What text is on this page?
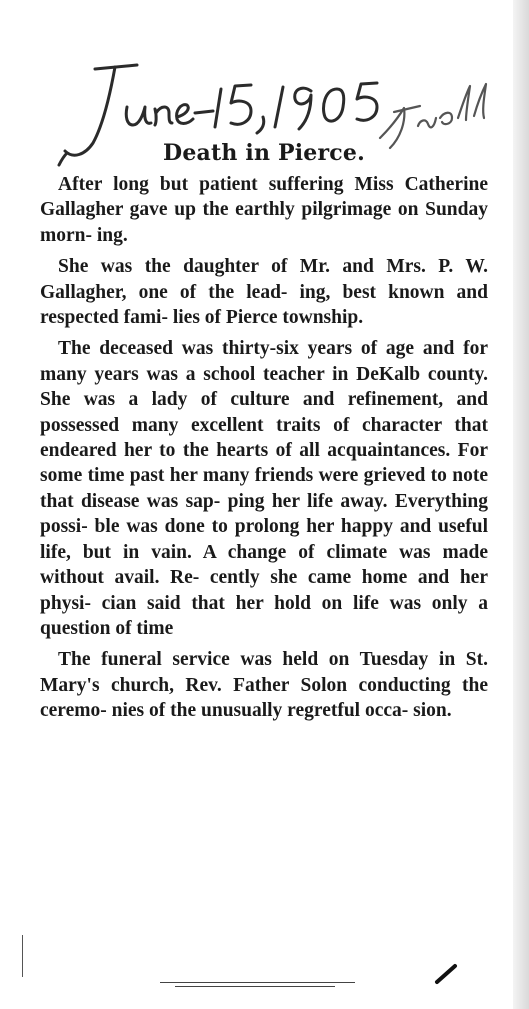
Death in Pierce.

After long but patient suffering Miss Catherine Gallagher gave up the earthly pilgrimage on Sunday morn- ing.

She was the daughter of Mr. and Mrs. P. W. Gallagher, one of the lead- ing, best known and respected fami- lies of Pierce township.

The deceased was thirty-six years of age and for many years was a school teacher in DeKalb county. She was a lady of culture and refinement, and possessed many excellent traits of character that endeared her to the hearts of all acquaintances. For some time past her many friends were grieved to note that disease was sap- ping her life away. Everything possi- ble was done to prolong her happy and useful life, but in vain. A change of climate was made without avail. Re- cently she came home and her physi- cian said that her hold on life was only a question of time

The funeral service was held on Tuesday in St. Mary's church, Rev. Father Solon conducting the ceremo- nies of the unusually regretful occa- sion.
